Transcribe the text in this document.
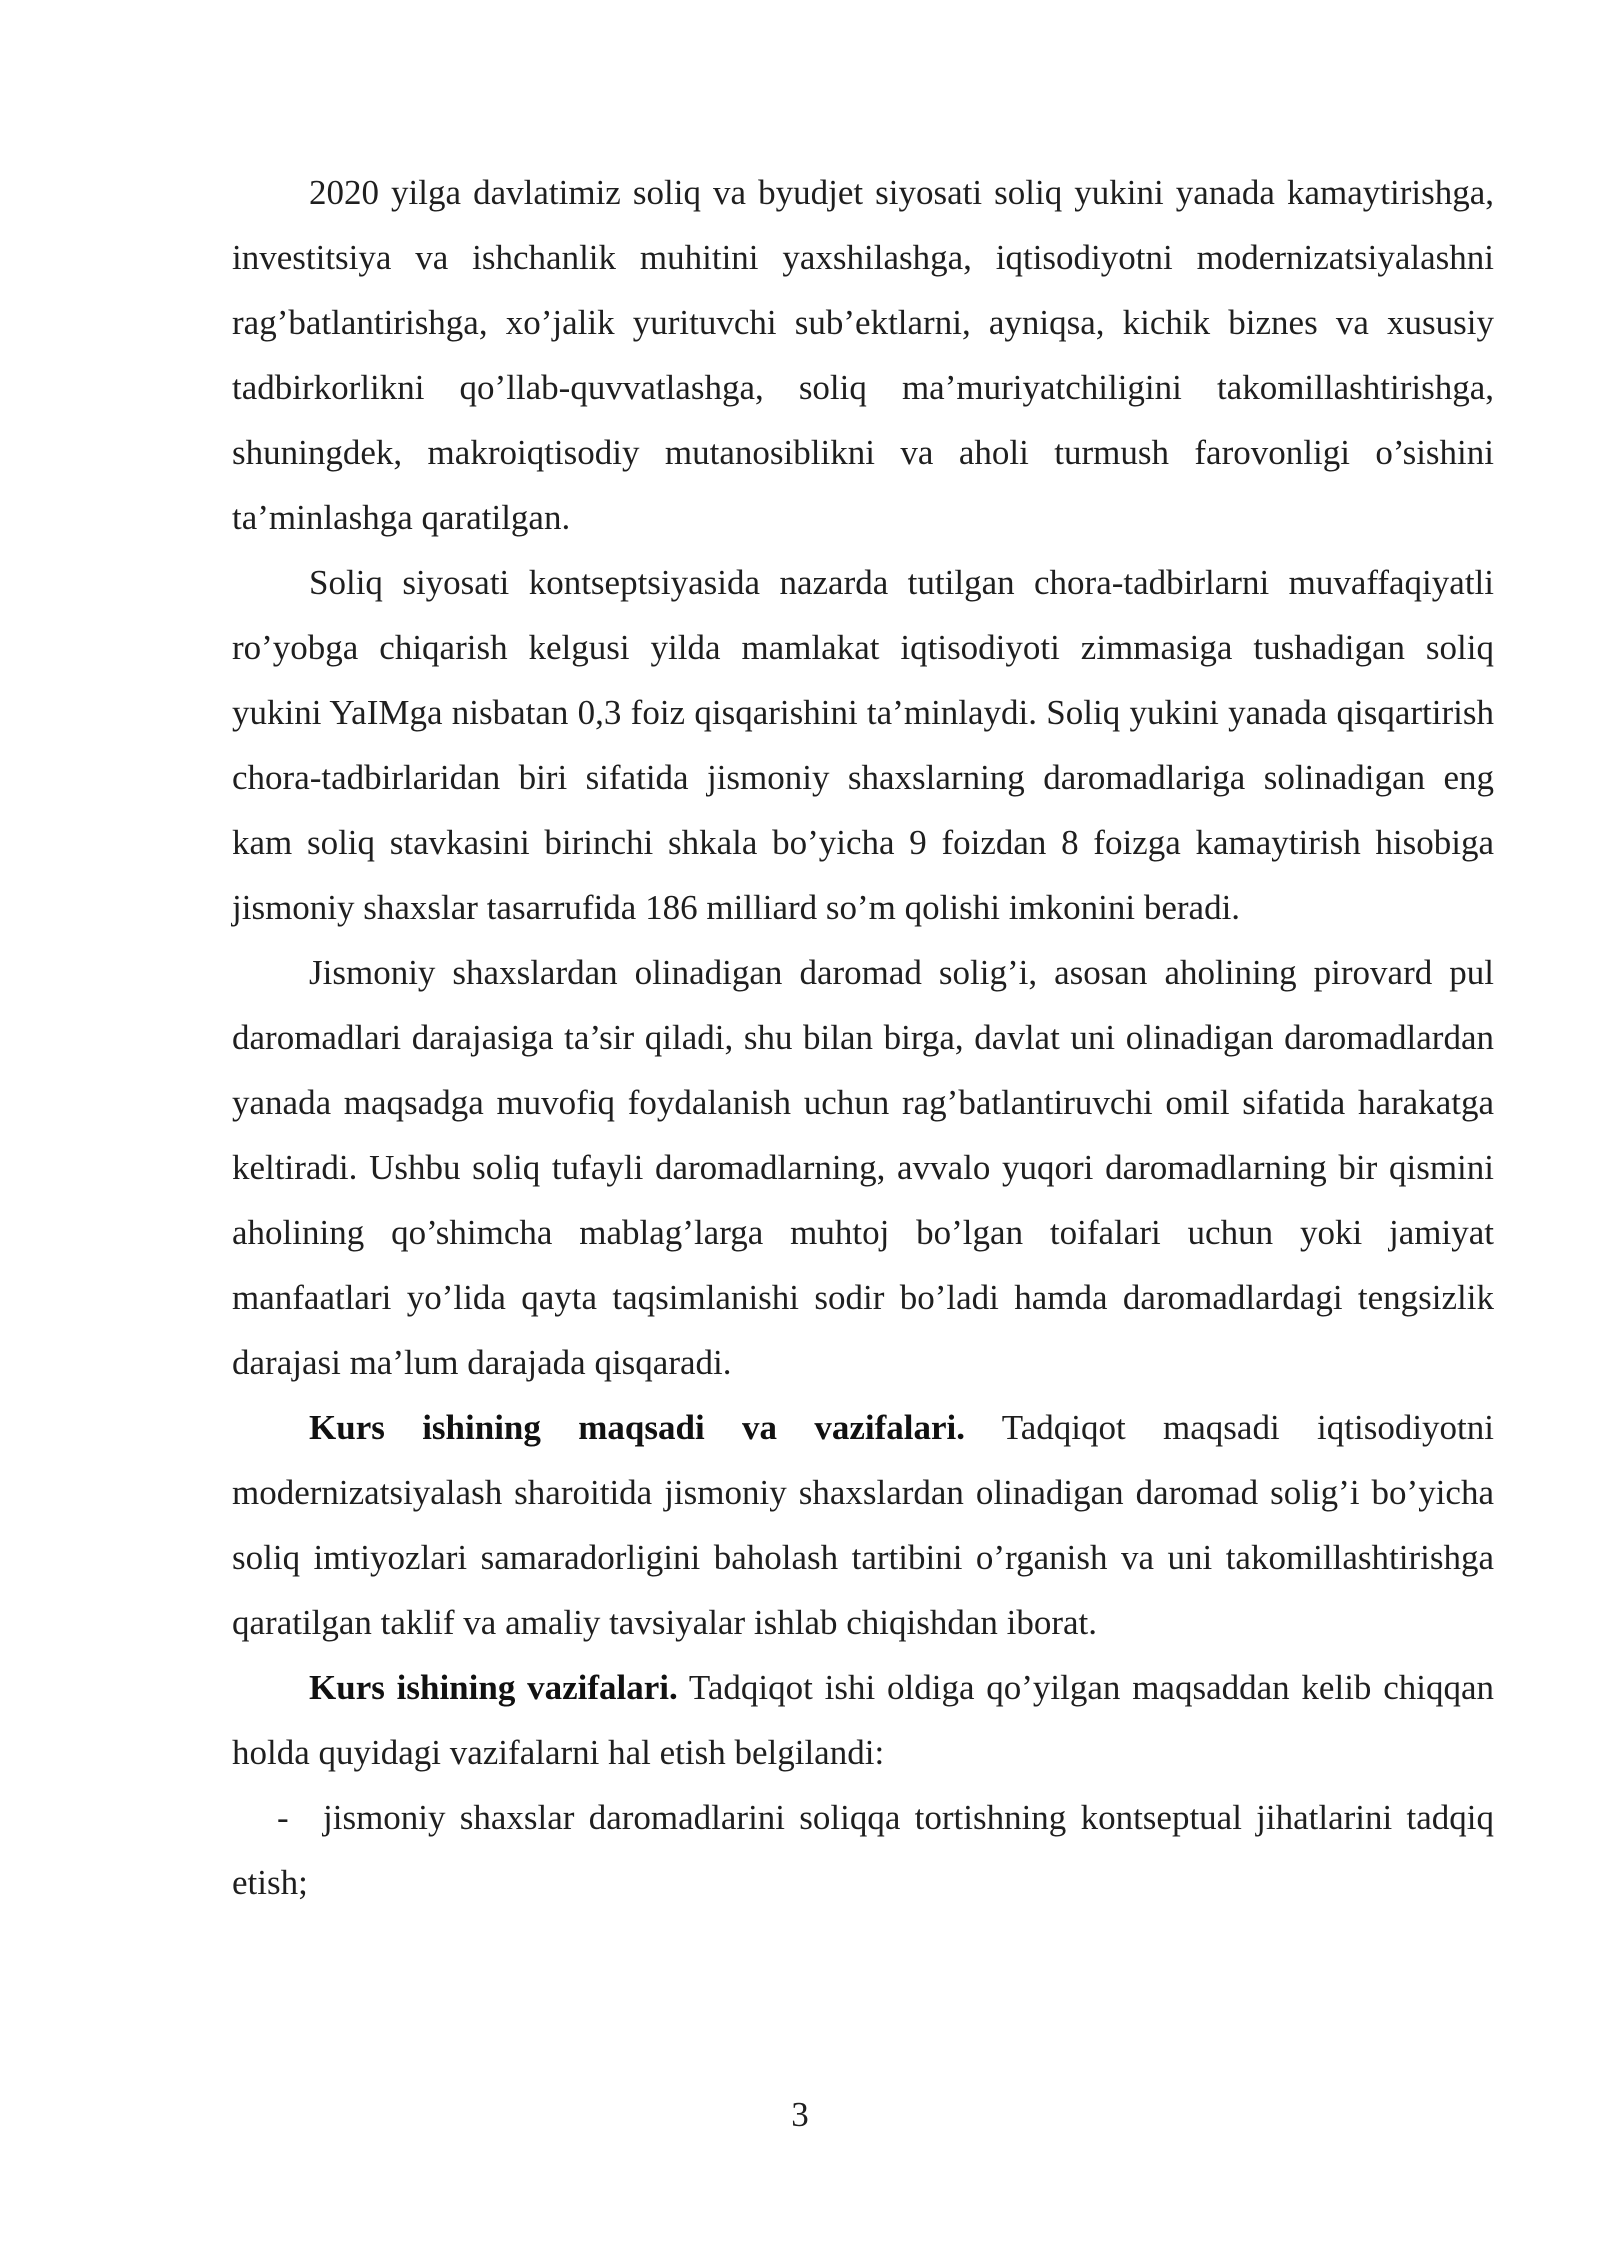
2020 yilga davlatimiz soliq va byudjet siyosati soliq yukini yanada kamaytirishga, investitsiya va ishchanlik muhitini yaxshilashga, iqtisodiyotni modernizatsiyalashni rag’batlantirishga, xo’jalik yurituvchi sub’ektlarni, ayniqsa, kichik biznes va xususiy tadbirkorlikni qo’llab-quvvatlashga, soliq ma’muriyatchiligini takomillashtirishga, shuningdek, makroiqtisodiy mutanosiblikni va aholi turmush farovonligi o’sishini ta’minlashga qaratilgan.

Soliq siyosati kontseptsiyasida nazarda tutilgan chora-tadbirlarni muvaffaqiyatli ro’yobga chiqarish kelgusi yilda mamlakat iqtisodiyoti zimmasiga tushadigan soliq yukini YaIMga nisbatan 0,3 foiz qisqarishini ta’minlaydi. Soliq yukini yanada qisqartirish chora-tadbirlaridan biri sifatida jismoniy shaxslarning daromadlariga solinadigan eng kam soliq stavkasini birinchi shkala bo’yicha 9 foizdan 8 foizga kamaytirish hisobiga jismoniy shaxslar tasarrufida 186 milliard so’m qolishi imkonini beradi.

Jismoniy shaxslardan olinadigan daromad solig’i, asosan aholining pirovard pul daromadlari darajasiga ta’sir qiladi, shu bilan birga, davlat uni olinadigan daromadlardan yanada maqsadga muvofiq foydalanish uchun rag’batlantiruvchi omil sifatida harakatga keltiradi. Ushbu soliq tufayli daromadlarning, avvalo yuqori daromadlarning bir qismini aholining qo’shimcha mablag’larga muhtoj bo’lgan toifalari uchun yoki jamiyat manfaatlari yo’lida qayta taqsimlanishi sodir bo’ladi hamda daromadlardagi tengsizlik darajasi ma’lum darajada qisqaradi.

Kurs ishining maqsadi va vazifalari. Tadqiqot maqsadi iqtisodiyotni modernizatsiyalash sharoitida jismoniy shaxslardan olinadigan daromad solig’i bo’yicha soliq imtiyozlari samaradorligini baholash tartibini o’rganish va uni takomillashtirishga qaratilgan taklif va amaliy tavsiyalar ishlab chiqishdan iborat.

Kurs ishining vazifalari. Tadqiqot ishi oldiga qo’yilgan maqsaddan kelib chiqqan holda quyidagi vazifalarni hal etish belgilandi:

- jismoniy shaxslar daromadlarini soliqqa tortishning kontseptual jihatlarini tadqiq etish;

3
